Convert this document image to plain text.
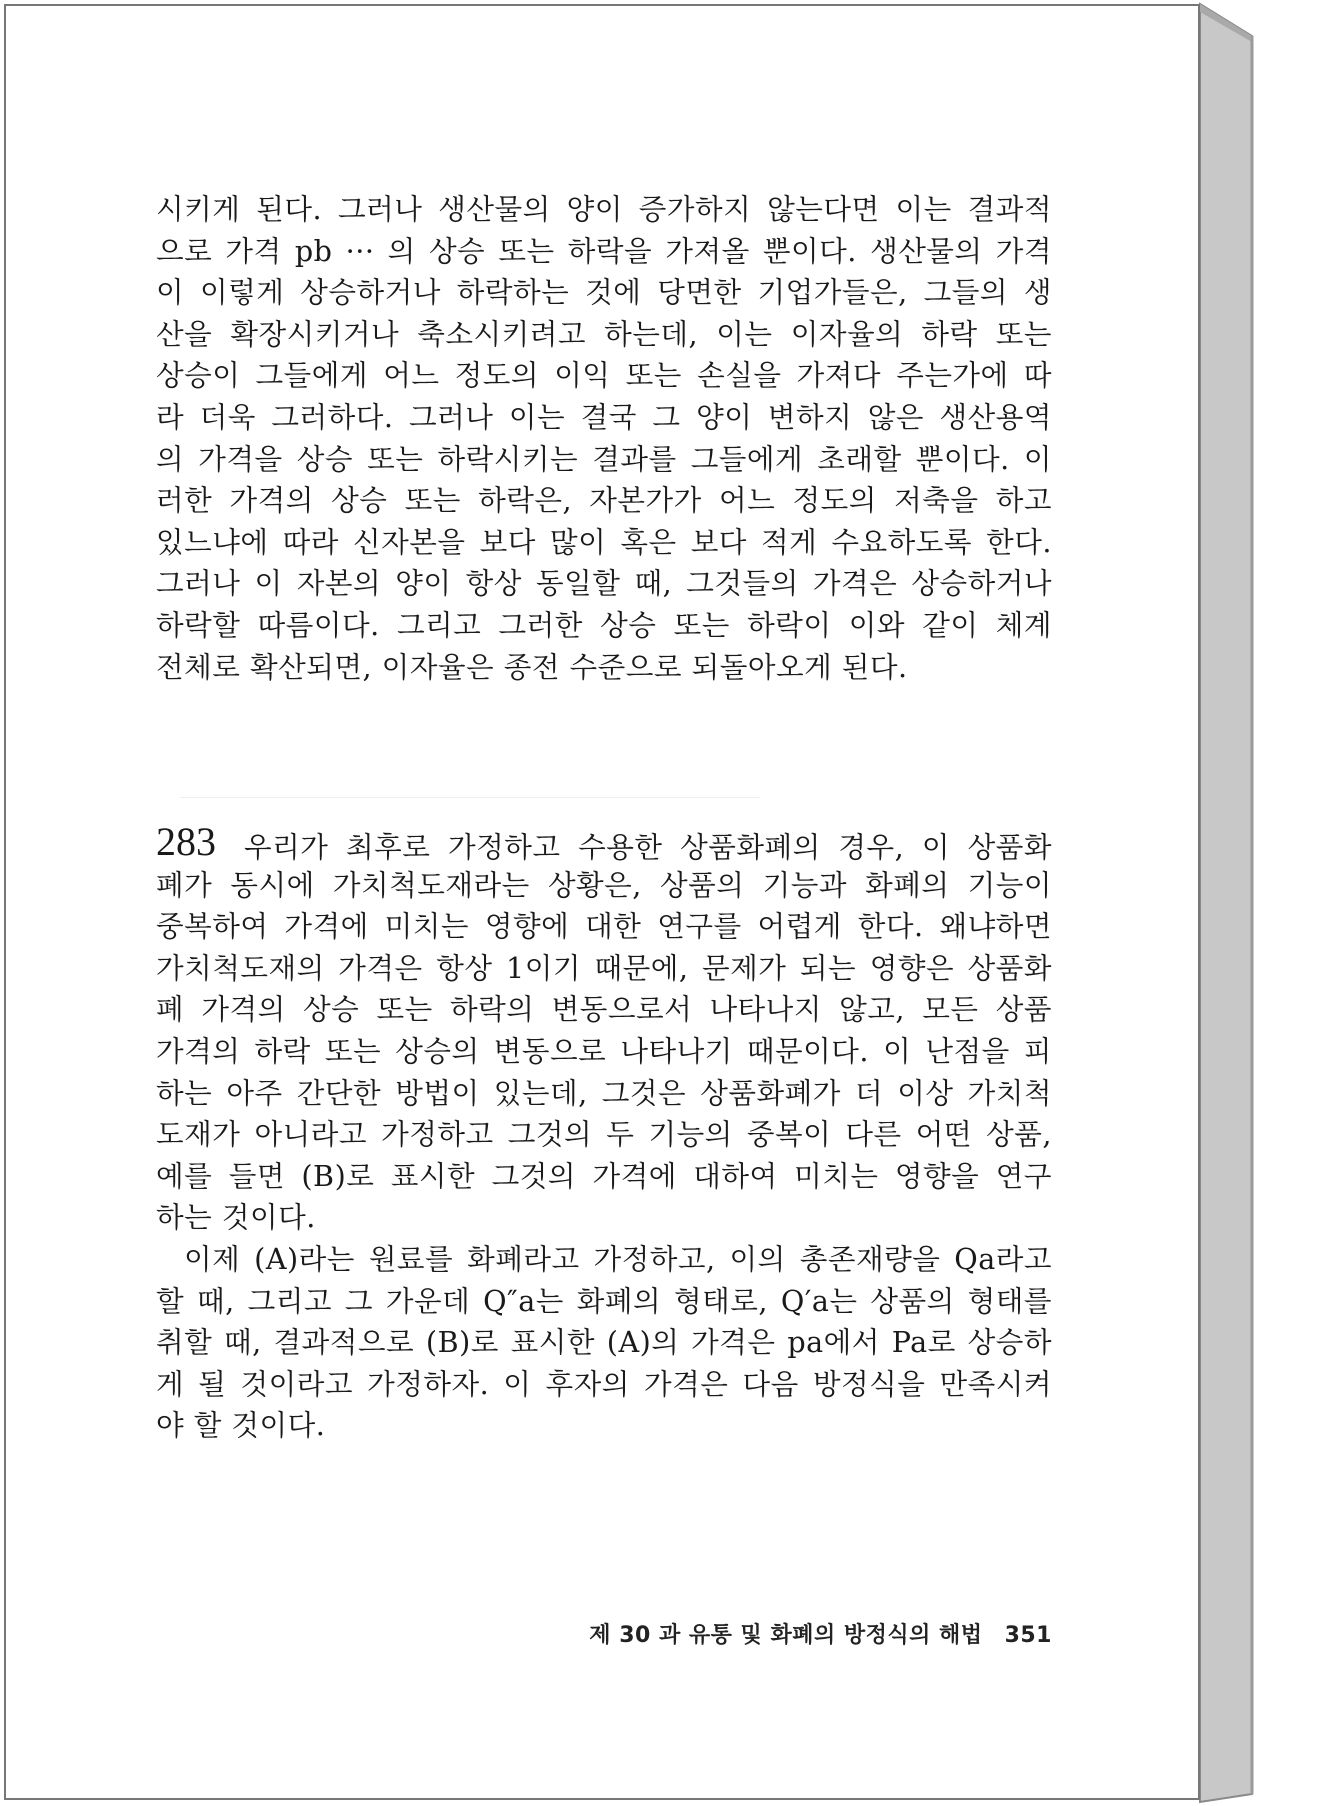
시키게 된다. 그러나 생산물의 양이 증가하지 않는다면 이는 결과적
으로 가격 pb ··· 의 상승 또는 하락을 가져올 뿐이다. 생산물의 가격
이 이렇게 상승하거나 하락하는 것에 당면한 기업가들은, 그들의 생
산을 확장시키거나 축소시키려고 하는데, 이는 이자율의 하락 또는
상승이 그들에게 어느 정도의 이익 또는 손실을 가져다 주는가에 따
라 더욱 그러하다. 그러나 이는 결국 그 양이 변하지 않은 생산용역
의 가격을 상승 또는 하락시키는 결과를 그들에게 초래할 뿐이다. 이
러한 가격의 상승 또는 하락은, 자본가가 어느 정도의 저축을 하고
있느냐에 따라 신자본을 보다 많이 혹은 보다 적게 수요하도록 한다.
그러나 이 자본의 양이 항상 동일할 때, 그것들의 가격은 상승하거나
하락할 따름이다. 그리고 그러한 상승 또는 하락이 이와 같이 체계
전체로 확산되면, 이자율은 종전 수준으로 되돌아오게 된다.
283 우리가 최후로 가정하고 수용한 상품화폐의 경우, 이 상품화
폐가 동시에 가치척도재라는 상황은, 상품의 기능과 화폐의 기능이
중복하여 가격에 미치는 영향에 대한 연구를 어렵게 한다. 왜냐하면
가치척도재의 가격은 항상 1이기 때문에, 문제가 되는 영향은 상품화
폐 가격의 상승 또는 하락의 변동으로서 나타나지 않고, 모든 상품
가격의 하락 또는 상승의 변동으로 나타나기 때문이다. 이 난점을 피
하는 아주 간단한 방법이 있는데, 그것은 상품화폐가 더 이상 가치척
도재가 아니라고 가정하고 그것의 두 기능의 중복이 다른 어떤 상품,
예를 들면 (B)로 표시한 그것의 가격에 대하여 미치는 영향을 연구
하는 것이다.
이제 (A)라는 원료를 화폐라고 가정하고, 이의 총존재량을 Qa라고
할 때, 그리고 그 가운데 Q″a는 화폐의 형태로, Q′a는 상품의 형태를
취할 때, 결과적으로 (B)로 표시한 (A)의 가격은 pa에서 Pa로 상승하
게 될 것이라고 가정하자. 이 후자의 가격은 다음 방정식을 만족시켜
야 할 것이다.
제 30 과 유통 및 화폐의 방정식의 해법 351
